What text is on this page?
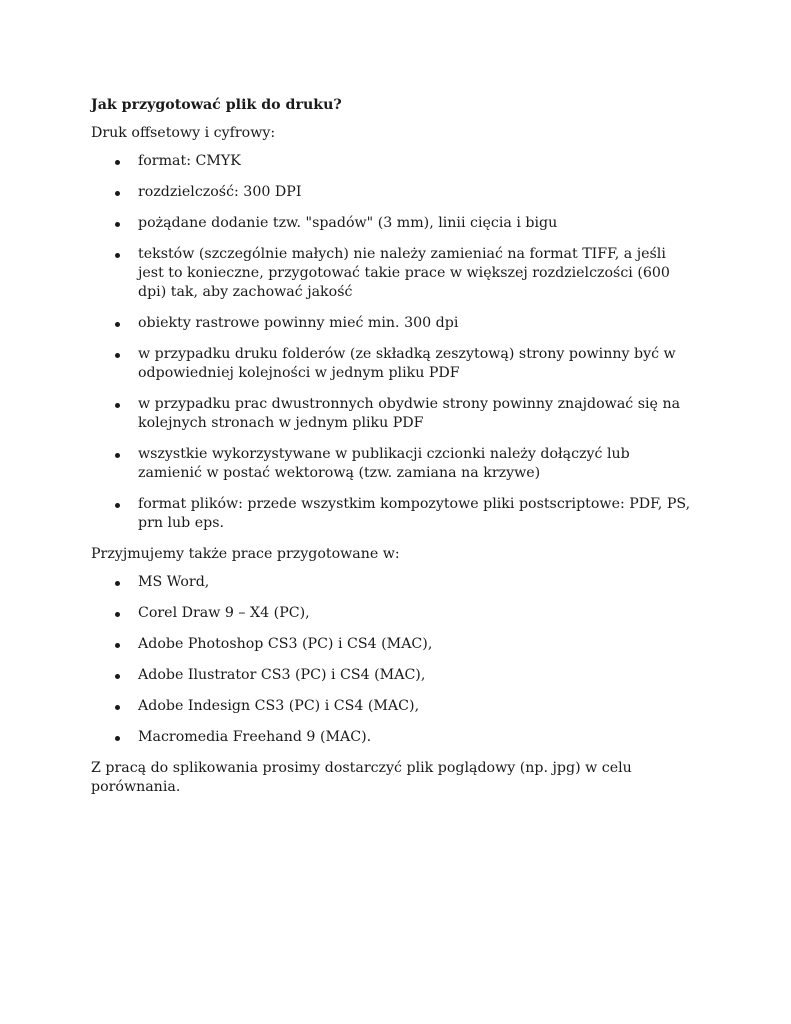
Jak przygotować plik do druku?
Druk offsetowy i cyfrowy:
format: CMYK
rozdzielczość: 300 DPI
pożądane dodanie tzw. "spadów" (3 mm), linii cięcia i bigu
tekstów (szczególnie małych) nie należy zamieniać na format TIFF, a jeśli jest to konieczne, przygotować takie prace w większej rozdzielczości (600 dpi) tak, aby zachować jakość
obiekty rastrowe powinny mieć min. 300 dpi
w przypadku druku folderów (ze składką zeszytową) strony powinny być w odpowiedniej kolejności w jednym pliku PDF
w przypadku prac dwustronnych obydwie strony powinny znajdować się na kolejnych stronach w jednym pliku PDF
wszystkie wykorzystywane w publikacji czcionki należy dołączyć lub zamienić w postać wektorową (tzw. zamiana na krzywe)
format plików: przede wszystkim kompozytowe pliki postscriptowe: PDF, PS, prn lub eps.
Przyjmujemy także prace przygotowane w:
MS Word,
Corel Draw 9 – X4 (PC),
Adobe Photoshop CS3 (PC) i CS4 (MAC),
Adobe Ilustrator CS3 (PC) i CS4 (MAC),
Adobe Indesign CS3 (PC) i CS4 (MAC),
Macromedia Freehand 9 (MAC).
Z pracą do splikowania prosimy dostarczyć plik poglądowy (np. jpg) w celu porównania.
